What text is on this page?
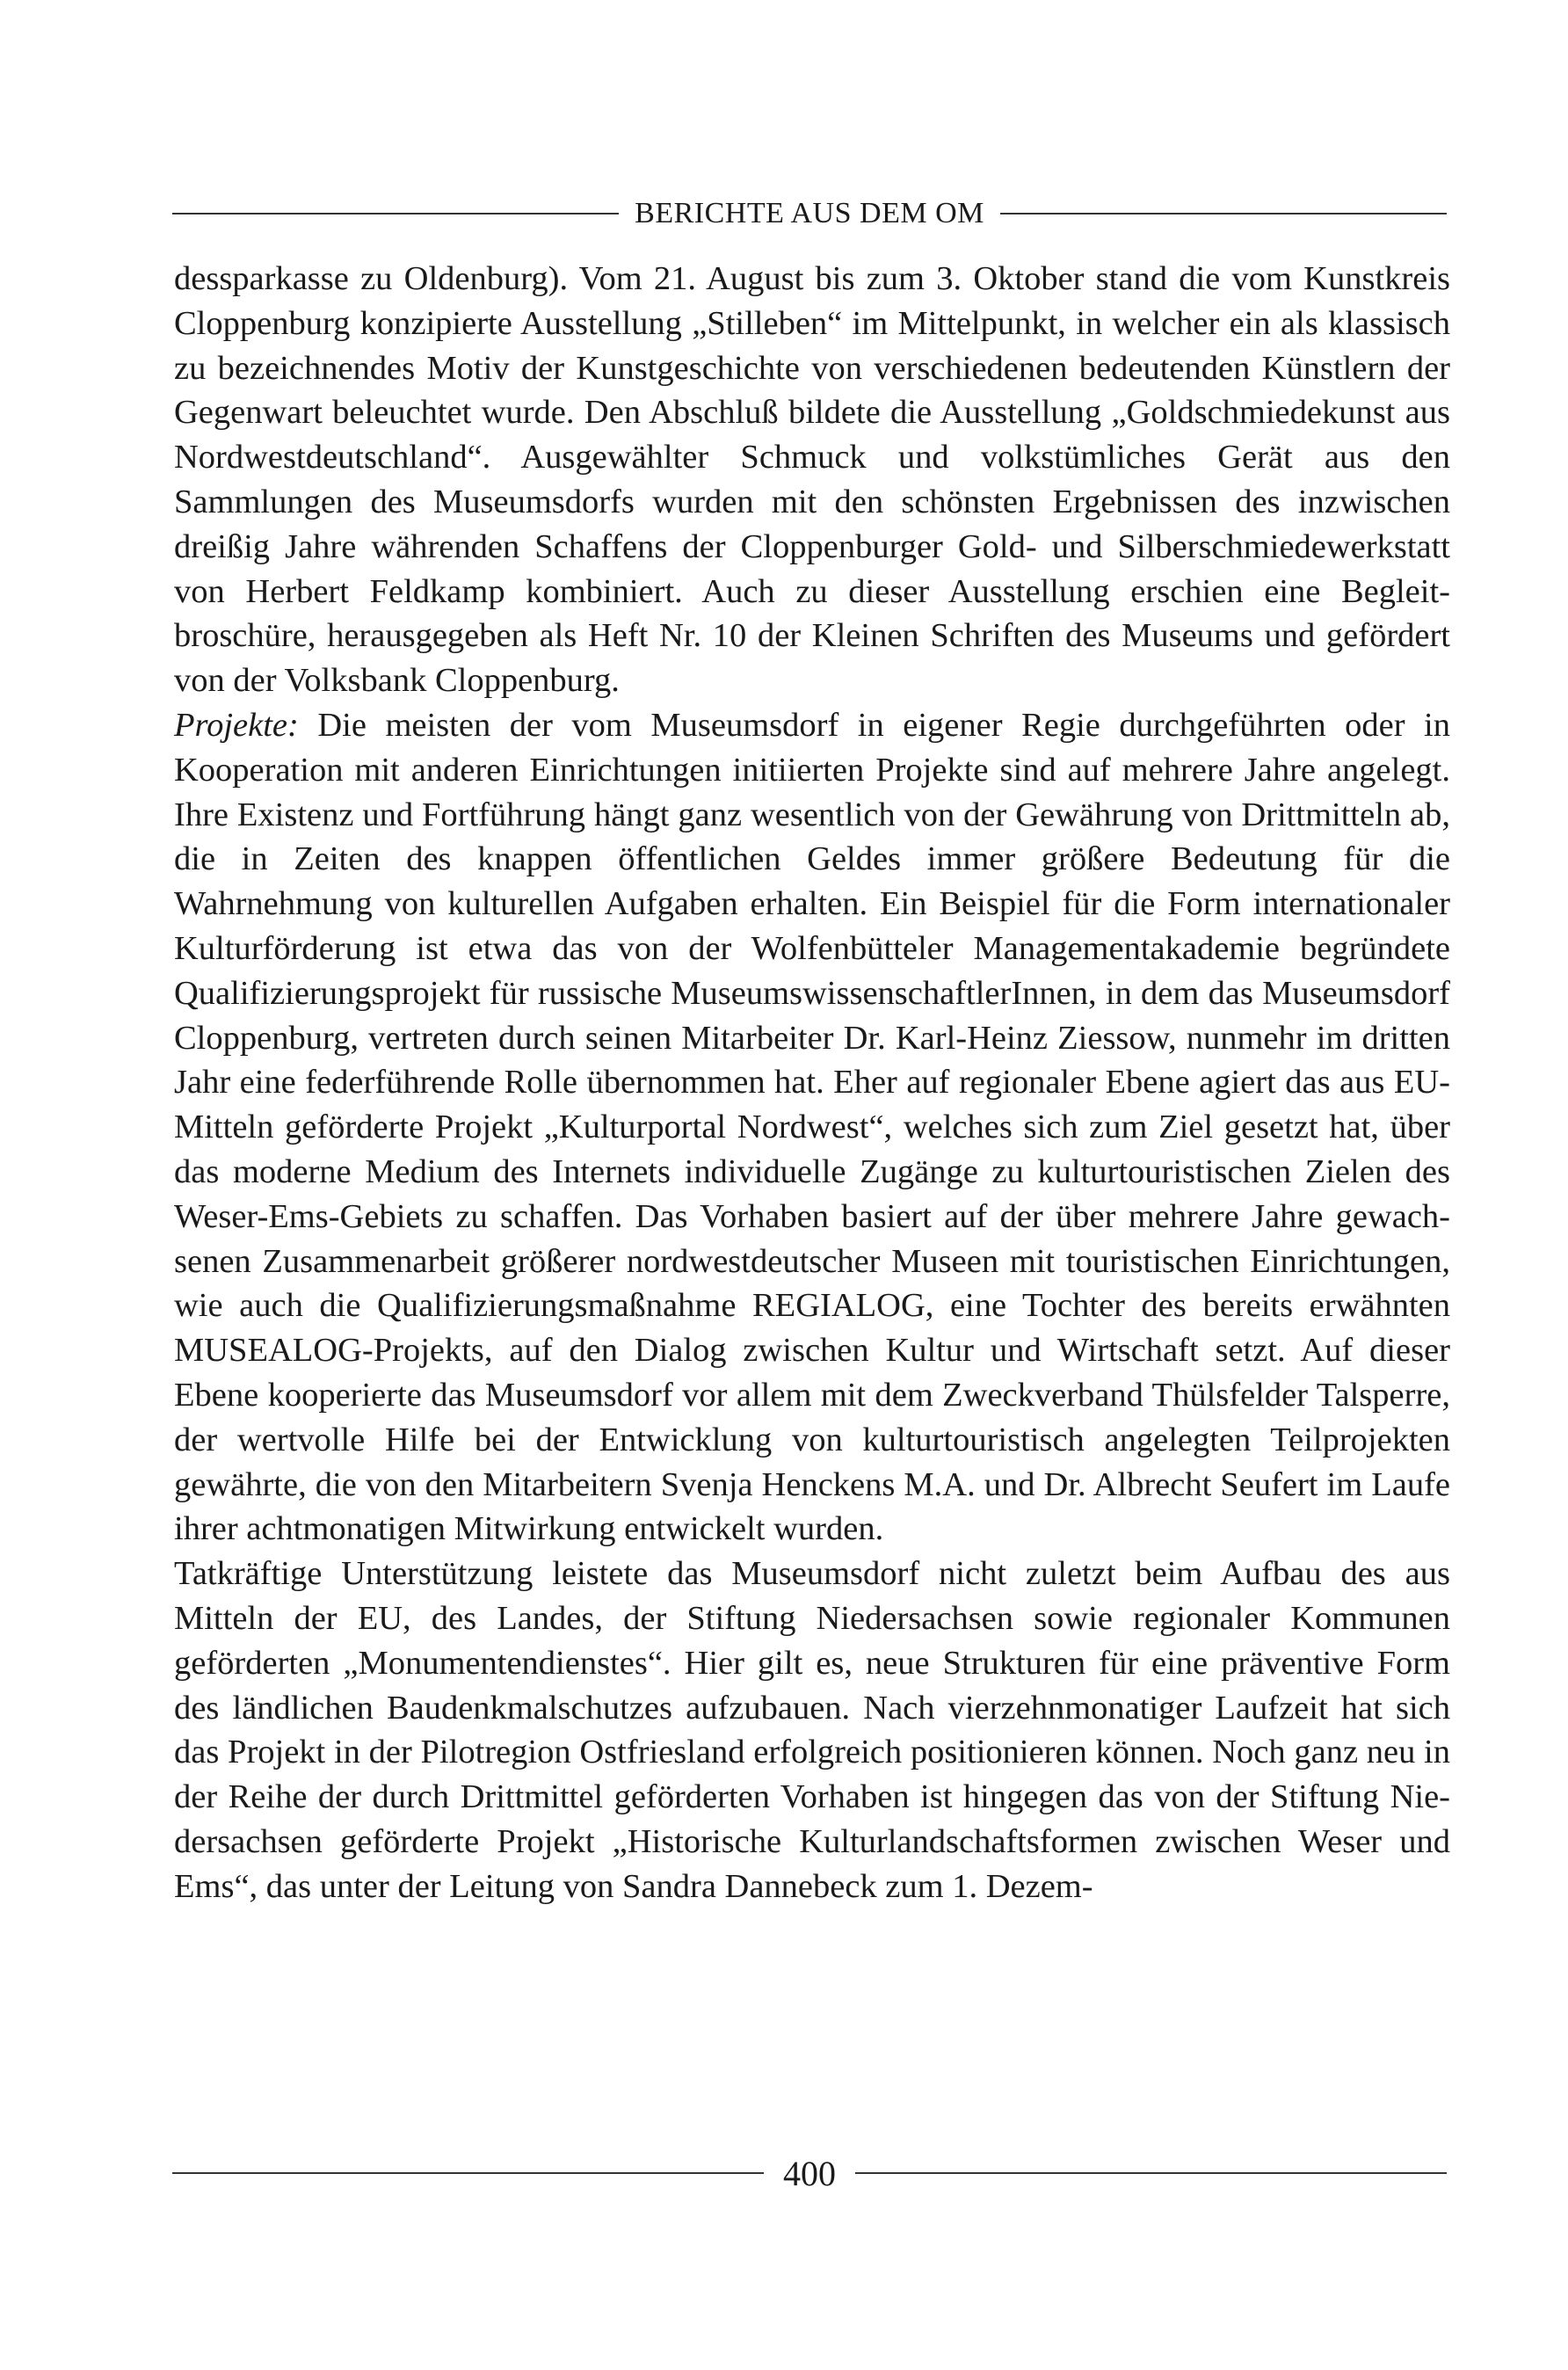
BERICHTE AUS DEM OM

dessparkasse zu Oldenburg). Vom 21. August bis zum 3. Oktober stand die vom Kunstkreis Cloppenburg konzipierte Ausstellung „Stilleben“ im Mittelpunkt, in welcher ein als klassisch zu bezeichnendes Motiv der Kunstgeschichte von verschiedenen bedeutenden Künstlern der Gegenwart beleuchtet wurde. Den Abschluß bildete die Ausstellung „Goldschmiedekunst aus Nordwestdeutschland“. Ausgewählter Schmuck und volkstümliches Gerät aus den Sammlungen des Museumsdorfs wurden mit den schönsten Ergebnissen des inzwischen dreißig Jahre währenden Schaffens der Cloppenburger Gold- und Silberschmiedewerkstatt von Herbert Feldkamp kombiniert. Auch zu dieser Ausstellung erschien eine Begleitbroschüre, herausgegeben als Heft Nr. 10 der Kleinen Schriften des Museums und gefördert von der Volksbank Cloppenburg.

Projekte: Die meisten der vom Museumsdorf in eigener Regie durchgeführten oder in Kooperation mit anderen Einrichtungen initiierten Projekte sind auf mehrere Jahre angelegt. Ihre Existenz und Fortführung hängt ganz wesentlich von der Gewährung von Drittmitteln ab, die in Zeiten des knappen öffentlichen Geldes immer größere Bedeutung für die Wahrnehmung von kulturellen Aufgaben erhalten. Ein Beispiel für die Form internationaler Kulturförderung ist etwa das von der Wolfenbütteler Managementakademie begründete Qualifizierungsprojekt für russische MuseumswissenschaftlerInnen, in dem das Museumsdorf Cloppenburg, vertreten durch seinen Mitarbeiter Dr. Karl-Heinz Ziessow, nunmehr im dritten Jahr eine federführende Rolle übernommen hat. Eher auf regionaler Ebene agiert das aus EU-Mitteln geförderte Projekt „Kulturportal Nordwest“, welches sich zum Ziel gesetzt hat, über das moderne Medium des Internets individuelle Zugänge zu kulturtouristischen Zielen des Weser-Ems-Gebiets zu schaffen. Das Vorhaben basiert auf der über mehrere Jahre gewachsenen Zusammenarbeit größerer nordwestdeutscher Museen mit touristischen Einrichtungen, wie auch die Qualifizierungsmaßnahme REGIALOG, eine Tochter des bereits erwähnten MUSEALOG-Projekts, auf den Dialog zwischen Kultur und Wirtschaft setzt. Auf dieser Ebene kooperierte das Museumsdorf vor allem mit dem Zweckverband Thülsfelder Talsperre, der wertvolle Hilfe bei der Entwicklung von kulturtouristisch angelegten Teilprojekten gewährte, die von den Mitarbeitern Svenja Henckens M.A. und Dr. Albrecht Seufert im Laufe ihrer achtmonatigen Mitwirkung entwickelt wurden.

Tatkräftige Unterstützung leistete das Museumsdorf nicht zuletzt beim Aufbau des aus Mitteln der EU, des Landes, der Stiftung Niedersachsen sowie regionaler Kommunen geförderten „Monumentendienstes“. Hier gilt es, neue Strukturen für eine präventive Form des ländlichen Baudenkmalschutzes aufzubauen. Nach vierzehnmonatiger Laufzeit hat sich das Projekt in der Pilotregion Ostfriesland erfolgreich positionieren können. Noch ganz neu in der Reihe der durch Drittmittel geförderten Vorhaben ist hingegen das von der Stiftung Niedersachsen geförderte Projekt „Historische Kulturlandschaftsformen zwischen Weser und Ems“, das unter der Leitung von Sandra Dannebeck zum 1. Dezem-

400
